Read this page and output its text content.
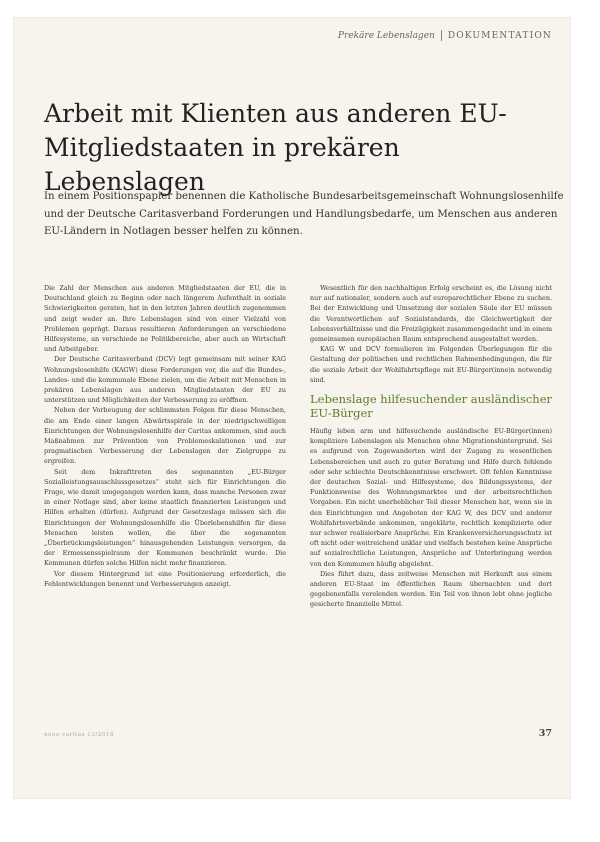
Prekäre Lebenslagen DOKUMENTATION
Arbeit mit Klienten aus anderen EU-Mitgliedstaaten in prekären Lebenslagen

In einem Positionspapier benennen die Katholische Bundesarbeitsgemeinschaft Wohnungslosenhilfe und der Deutsche Caritasverband Forderungen und Handlungsbedarfe, um Menschen aus anderen EU-Ländern in Notlagen besser helfen zu können.

Die Zahl der Menschen aus anderen Mitgliedstaaten der EU, die in Deutschland gleich zu Beginn oder nach längerem Aufenthalt in soziale Schwierigkeiten geraten, hat in den letzten Jahren deutlich zugenommen und zeigt weder an. Ihre Lebenslagen sind von einer Vielzahl von Problemen geprägt. Daraus resultieren Anforderungen an verschiedene Hilfesysteme, an verschiede ne Politikbereiche, aber auch an Wirtschaft und Arbeitgeber.

Der Deutsche Caritasverband (DCV) legt gemeinsam mit seiner KAG Wohnungslosenhilfe (KAGW) diese Forderungen vor, die auf die Bundes-, Landes- und die kommunale Ebene zielen, um die Arbeit mit Menschen in prekären Lebenslagen aus anderen Mitgliedstaaten der EU zu unterstützen und Möglichkeiten der Verbesserung zu eröffnen.

Neben der Vorbeugung der schlimmsten Folgen für diese Menschen, die am Ende einer langen Abwärtsspirale in der niedrigschwelligen Einrichtungen der Wohnungslosenhilfe der Caritas ankommen, sind auch Maßnahmen zur Prävention von Problemeskalationen und zur pragmatischen Verbesserung der Lebenslagen der Zielgruppe zu ergreifen.

Seit dem Inkrafttreten des sogenannten „EU-Bürger Sozialleistungsausschlussgesetzes“ steht sich für Einrichtungen die Frage, wie damit umgegangen werden kann, dass manche Personen zwar in einer Notlage sind, aber keine staatlich finanzierten Leistungen und Hilfen erhalten (dürfen). Aufgrund der Gesetzeslage müssen sich die Einrichtungen der Wohnungslosenhilfe die Überlebenshilfen für diese Menschen leisten wollen, die über die sogenannten „Überbrückungsleistungen“ hinausgehenden Leistungen versorgen, da der Ermessensspielraum der Kommunen beschränkt wurde. Die Kommunen dürfen solche Hilfen nicht mehr finanzieren.

Vor diesem Hintergrund ist eine Positionierung erforderlich, die Fehlentwicklungen benennt und Verbesserungen anzeigt.

Wesentlich für den nachhaltigen Erfolg erscheint es, die Lösung nicht nur auf nationaler, sondern auch auf europarechtlicher Ebene zu suchen. Bei der Entwicklung und Umsetzung der sozialen Säule der EU müssen die Verantwortlichen auf Sozialstandards, die Gleichwertigkeit der Lebensverhältnisse und die Freizügigkeit zusammengedacht und in einem gemeinsamen europäischen Raum entsprechend ausgestaltet werden.

KAG W und DCV formulieren im Folgenden Überlegungen für die Gestaltung der politischen und rechtlichen Rahmenbedingungen, die für die soziale Arbeit der Wohlfahrtspflege mit EU-Bürger(inne)n notwendig sind.

Lebenslage hilfesuchender ausländischer EU-Bürger

Häufig leben arm und hilfesuchende ausländische EU-Bürger(innen) kompliziere Lebenslagen als Menschen ohne Migrationshintergrund. Sei es aufgrund von Zugewanderten wird der Zugang zu wesentlichen Lebensbereichen und auch zu guter Beratung und Hilfe durch fehlende oder sehr schlechte Deutschkenntnisse erschwert. Oft fehlen Kenntnisse der deutschen Sozial- und Hilfesysteme, des Bildungssystems, der Funktionsweise des Wohnungsmarktes und der arbeitsrechtlichen Vorgaben. Ein nicht unerheblicher Teil dieser Menschen hat, wenn sie in den Einrichtungen und Angeboten der KAG W, des DCV und anderer Wohlfahrtsverbände ankommen, ungeklärte, rechtlich komplizierte oder nur schwer realisierbare Ansprüche. Ein Krankenversicherungsschutz ist oft nicht oder weitreichend unklar und vielfach bestehen keine Ansprüche auf sozialrechtliche Leistungen, Ansprüche auf Unterbringung werden von den Kommunen häufig abgelehnt.

Dies führt dazu, dass zeitweise Menschen mit Herkunft aus einem anderen EU-Staat im öffentlichen Raum übernachten und dort gegebenenfalls verelenden werden. Ein Teil von ihnen lebt ohne jegliche gesicherte finanzielle Mittel.

neue caritas 13/2018	37
